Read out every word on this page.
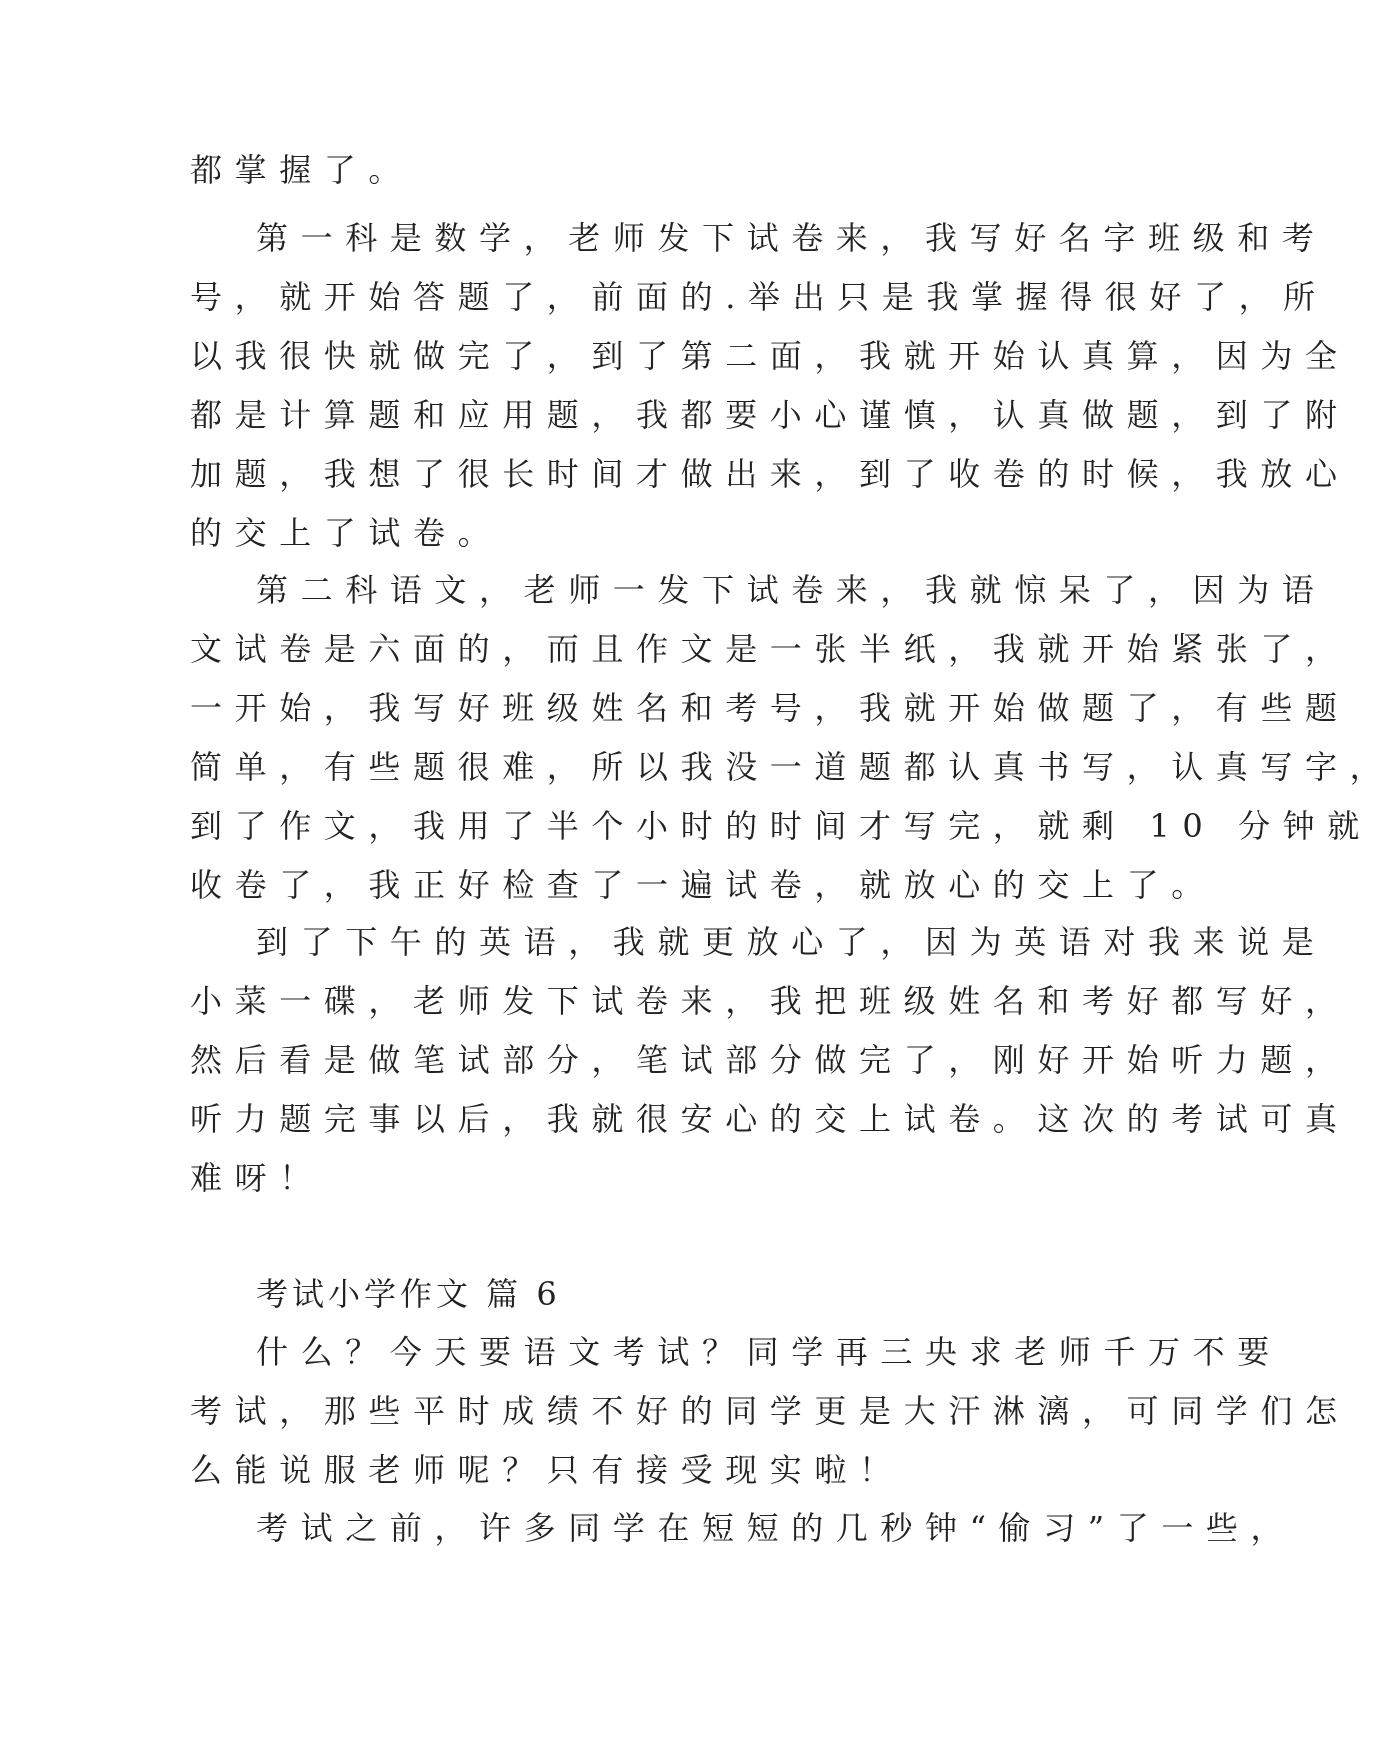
都掌握了。
第一科是数学，老师发下试卷来，我写好名字班级和考
号，就开始答题了，前面的.举出只是我掌握得很好了，所
以我很快就做完了，到了第二面，我就开始认真算，因为全
都是计算题和应用题，我都要小心谨慎，认真做题，到了附
加题，我想了很长时间才做出来，到了收卷的时候，我放心
的交上了试卷。
第二科语文，老师一发下试卷来，我就惊呆了，因为语
文试卷是六面的，而且作文是一张半纸，我就开始紧张了，
一开始，我写好班级姓名和考号，我就开始做题了，有些题
简单，有些题很难，所以我没一道题都认真书写，认真写字，
到了作文，我用了半个小时的时间才写完，就剩 10 分钟就
收卷了，我正好检查了一遍试卷，就放心的交上了。
到了下午的英语，我就更放心了，因为英语对我来说是
小菜一碟，老师发下试卷来，我把班级姓名和考好都写好，
然后看是做笔试部分，笔试部分做完了，刚好开始听力题，
听力题完事以后，我就很安心的交上试卷。这次的考试可真
难呀！
考试小学作文 篇 6
什么？今天要语文考试？同学再三央求老师千万不要
考试，那些平时成绩不好的同学更是大汗淋漓，可同学们怎
么能说服老师呢？只有接受现实啦！
考试之前，许多同学在短短的几秒钟“偷习”了一些，
